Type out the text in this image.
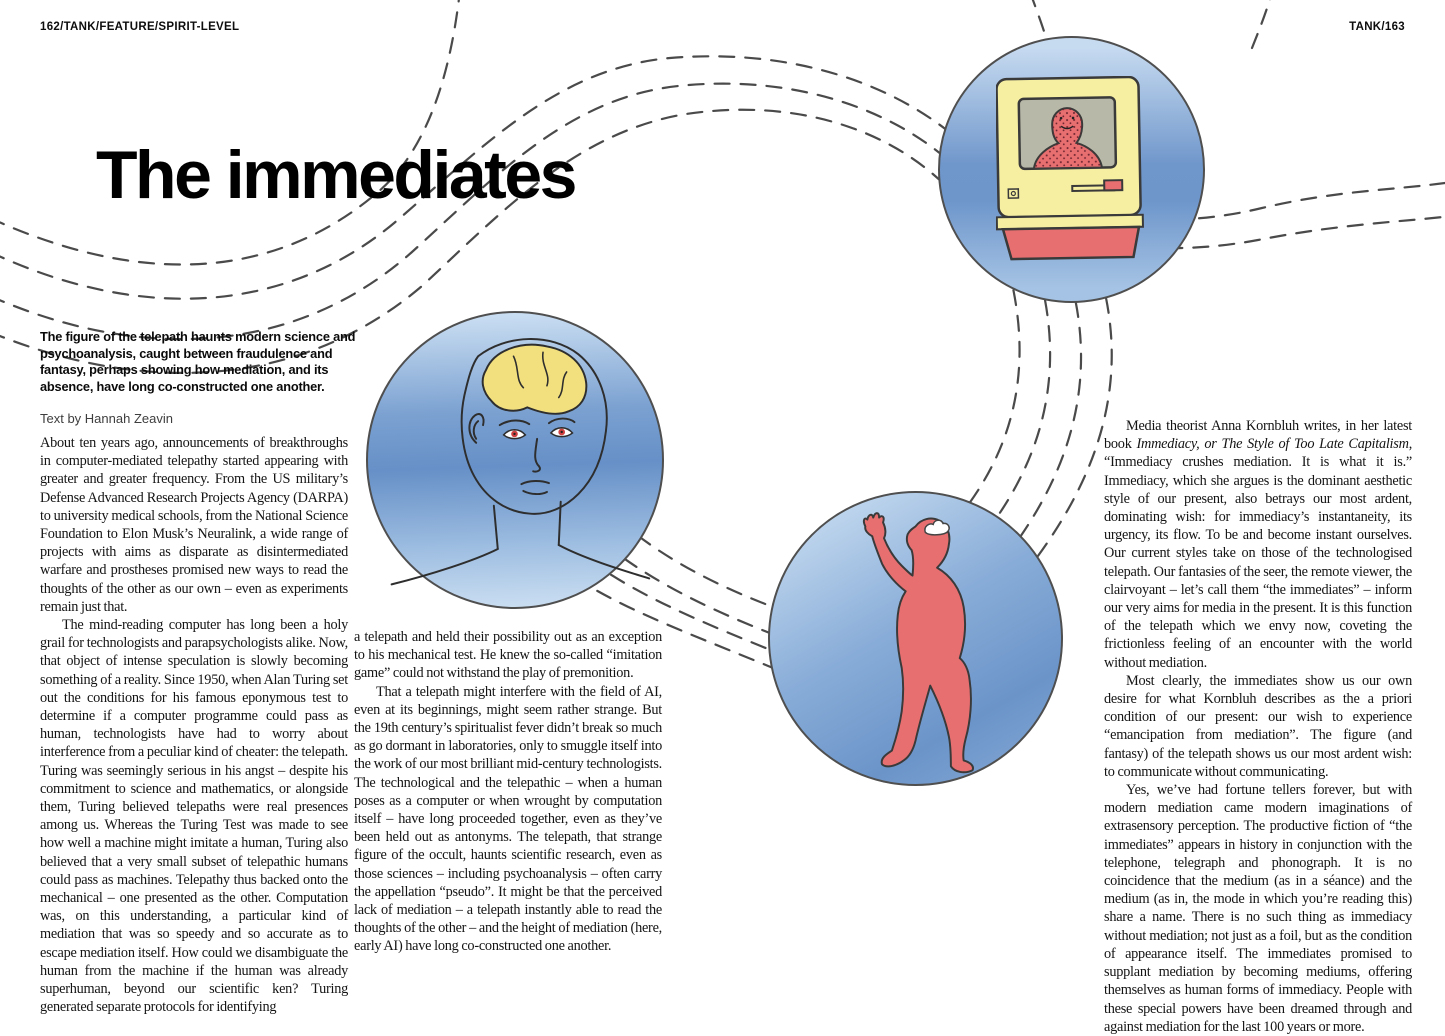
162/TANK/FEATURE/SPIRIT-LEVEL	TANK/163
The immediates

The figure of the telepath haunts modern science and psychoanalysis, caught between fraudulence and fantasy, perhaps showing how mediation, and its absence, have long co-constructed one another.

Text by Hannah Zeavin

About ten years ago, announcements of breakthroughs in computer-mediated telepathy started appearing with greater and greater frequency. From the US military’s Defense Advanced Research Projects Agency (DARPA) to university medical schools, from the National Science Foundation to Elon Musk’s Neuralink, a wide range of projects with aims as disparate as disintermediated warfare and prostheses promised new ways to read the thoughts of the other as our own – even as experiments remain just that.

The mind-reading computer has long been a holy grail for technologists and parapsychologists alike. Now, that object of intense speculation is slowly becoming something of a reality. Since 1950, when Alan Turing set out the conditions for his famous eponymous test to determine if a computer programme could pass as human, technologists have had to worry about interference from a peculiar kind of cheater: the telepath. Turing was seemingly serious in his angst – despite his commitment to science and mathematics, or alongside them, Turing believed telepaths were real presences among us. Whereas the Turing Test was made to see how well a machine might imitate a human, Turing also believed that a very small subset of telepathic humans could pass as machines. Telepathy thus backed onto the mechanical – one presented as the other. Computation was, on this understanding, a particular kind of mediation that was so speedy and so accurate as to escape mediation itself. How could we disambiguate the human from the machine if the human was already superhuman, beyond our scientific ken? Turing generated separate protocols for identifying

a telepath and held their possibility out as an exception to his mechanical test. He knew the so-called “imitation game” could not withstand the play of premonition.

That a telepath might interfere with the field of AI, even at its beginnings, might seem rather strange. But the 19th century’s spiritualist fever didn’t break so much as go dormant in laboratories, only to smuggle itself into the work of our most brilliant mid-century technologists. The technological and the telepathic – when a human poses as a computer or when wrought by computation itself – have long proceeded together, even as they’ve been held out as antonyms. The telepath, that strange figure of the occult, haunts scientific research, even as those sciences – including psychoanalysis – often carry the appellation “pseudo”. It might be that the perceived lack of mediation – a telepath instantly able to read the thoughts of the other – and the height of mediation (here, early AI) have long co-constructed one another.

Media theorist Anna Kornbluh writes, in her latest book Immediacy, or The Style of Too Late Capitalism, “Immediacy crushes mediation. It is what it is.” Immediacy, which she argues is the dominant aesthetic style of our present, also betrays our most ardent, dominating wish: for immediacy’s instantaneity, its urgency, its flow. To be and become instant ourselves. Our current styles take on those of the technologised telepath. Our fantasies of the seer, the remote viewer, the clairvoyant – let’s call them “the immediates” – inform our very aims for media in the present. It is this function of the telepath which we envy now, coveting the frictionless feeling of an encounter with the world without mediation.

Most clearly, the immediates show us our own desire for what Kornbluh describes as the a priori condition of our present: our wish to experience “emancipation from mediation”. The figure (and fantasy) of the telepath shows us our most ardent wish: to communicate without communicating.

Yes, we’ve had fortune tellers forever, but with modern mediation came modern imaginations of extrasensory perception. The productive fiction of “the immediates” appears in history in conjunction with the telephone, telegraph and phonograph. It is no coincidence that the medium (as in a séance) and the medium (as in, the mode in which you’re reading this) share a name. There is no such thing as immediacy without mediation; not just as a foil, but as the condition of appearance itself. The immediates promised to supplant mediation by becoming mediums, offering themselves as human forms of immediacy. People with these special powers have been dreamed through and against mediation for the last 100 years or more.
